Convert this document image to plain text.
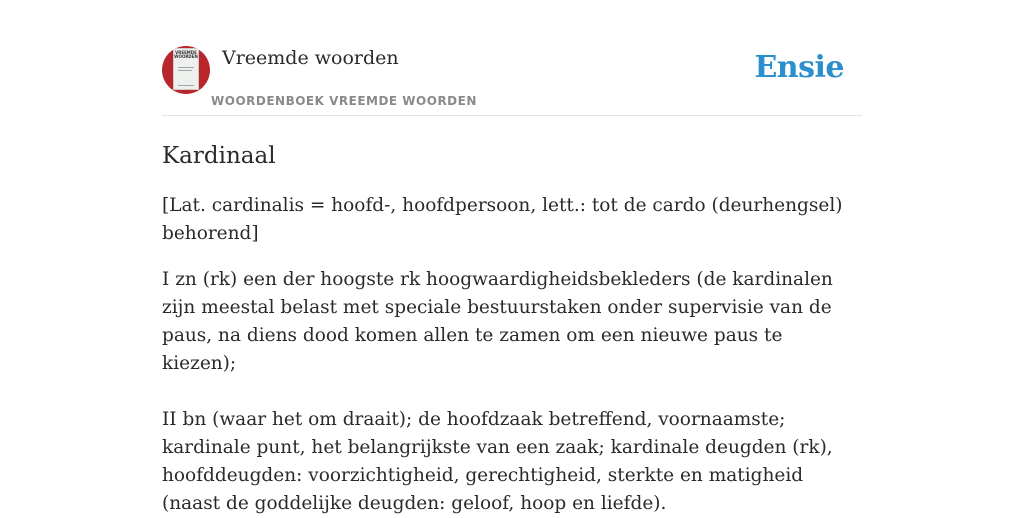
VREEMDE WOORDEN Vreemde woorden
WOORDENBOEK VREEMDE WOORDEN
Ensie
Kardinaal

[Lat. cardinalis = hoofd-, hoofdpersoon, lett.: tot de cardo (deurhengsel) behorend]

I zn (rk) een der hoogste rk hoogwaardigheidsbekleders (de kardinalen zijn meestal belast met speciale bestuurstaken onder supervisie van de paus, na diens dood komen allen te zamen om een nieuwe paus te kiezen);

II bn (waar het om draait); de hoofdzaak betreffend, voornaamste; kardinale punt, het belangrijkste van een zaak; kardinale deugden (rk), hoofddeugden: voorzichtigheid, gerechtigheid, sterkte en matigheid (naast de goddelijke deugden: geloof, hoop en liefde).
